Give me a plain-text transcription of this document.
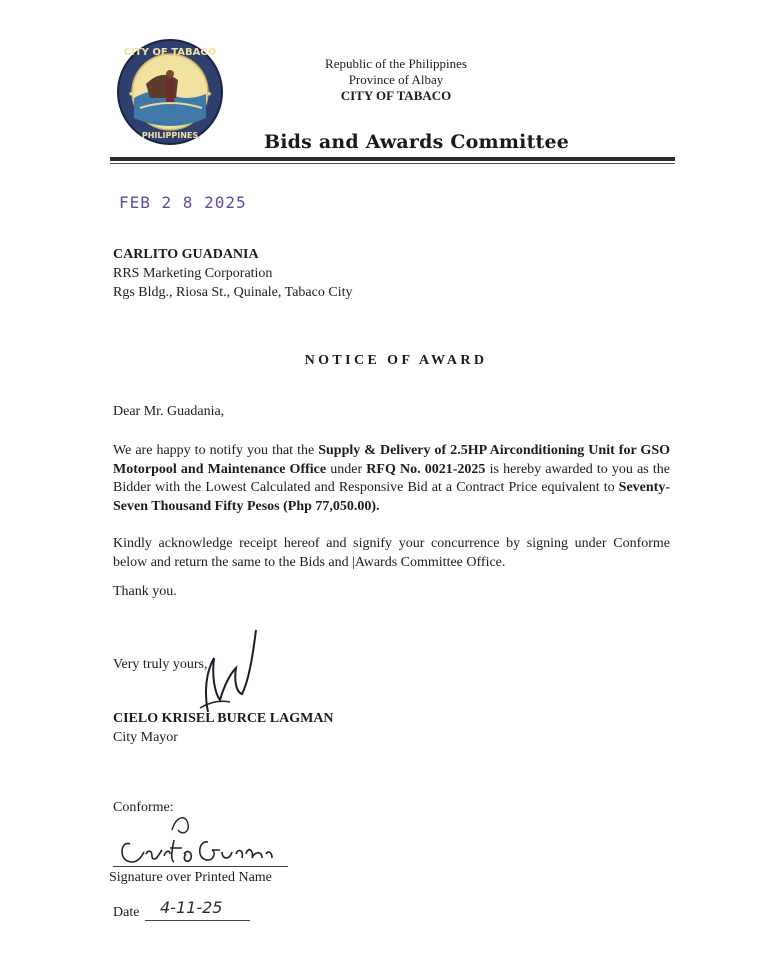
CITY OF TABACO
PHILIPPINES
★	★
Republic of the Philippines
Province of Albay
CITY OF TABACO
Bids and Awards Committee
FEB 2 8 2025
CARLITO GUADANIA
RRS Marketing Corporation
Rgs Bldg., Riosa St., Quinale, Tabaco City
NOTICE OF AWARD
Dear Mr. Guadania,
We are happy to notify you that the Supply & Delivery of 2.5HP Airconditioning Unit for GSO Motorpool and Maintenance Office under RFQ No. 0021-2025 is hereby awarded to you as the Bidder with the Lowest Calculated and Responsive Bid at a Contract Price equivalent to Seventy-Seven Thousand Fifty Pesos (Php 77,050.00).
Kindly acknowledge receipt hereof and signify your concurrence by signing under Conforme below and return the same to the Bids and |Awards Committee Office.
Thank you.
Very truly yours,
CIELO KRISEL BURCE LAGMAN
City Mayor
Conforme:
Signature over Printed Name
Date 4-11-25
